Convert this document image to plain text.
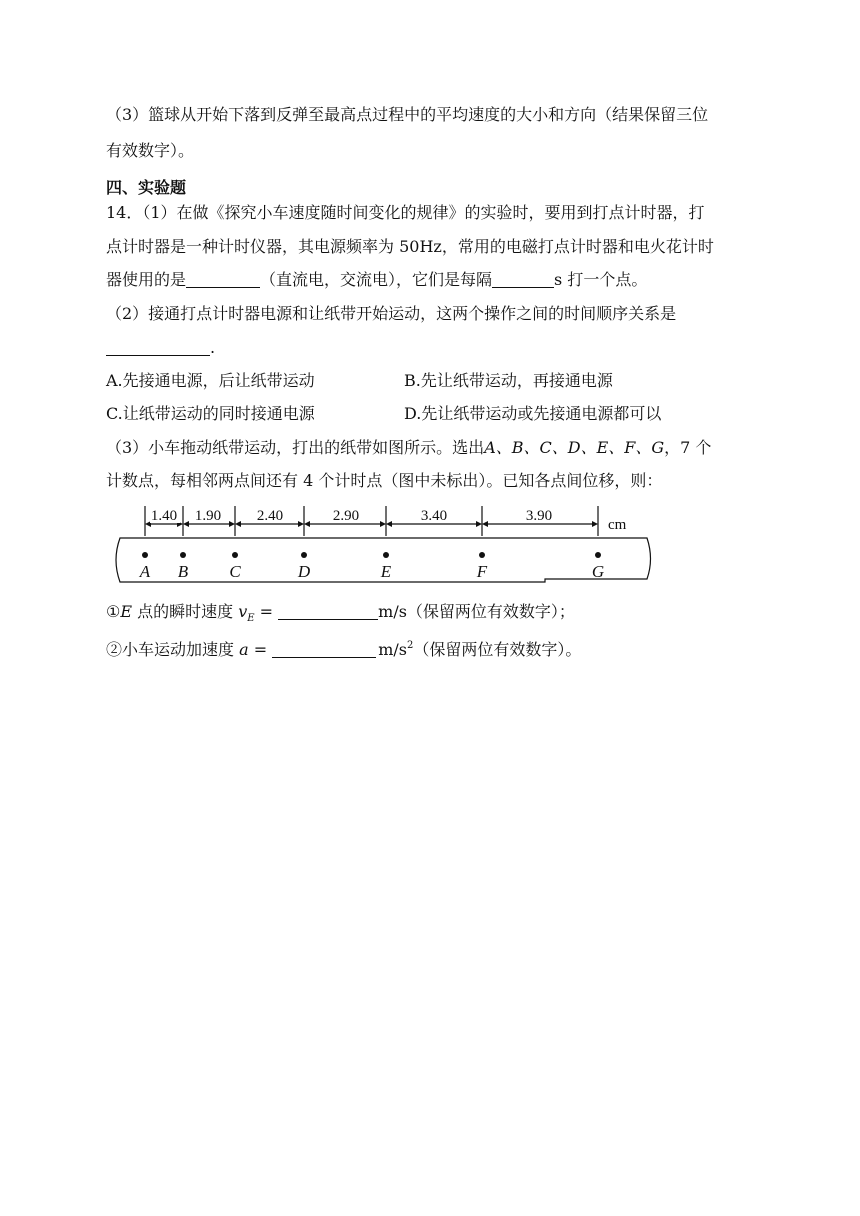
（3）篮球从开始下落到反弹至最高点过程中的平均速度的大小和方向（结果保留三位
有效数字）。
四、实验题
14．（1）在做《探究小车速度随时间变化的规律》的实验时，要用到打点计时器，打
点计时器是一种计时仪器，其电源频率为 50Hz，常用的电磁打点计时器和电火花计时
器使用的是	（直流电，交流电），它们是每隔	s 打一个点。
（2）接通打点计时器电源和让纸带开始运动，这两个操作之间的时间顺序关系是
.
A.先接通电源，后让纸带运动	B.先让纸带运动，再接通电源
C.让纸带运动的同时接通电源	D.先让纸带运动或先接通电源都可以
（3）小车拖动纸带运动，打出的纸带如图所示。选出A、B、C、D、E、F、G，7 个
计数点，每相邻两点间还有 4 个计时点（图中未标出）。已知各点间位移，则：
1.40 1.90 2.40	2.90	3.40	3.90
cm
A B C	D	E	F	G
①E 点的瞬时速度 $v_E$ =	m/s（保留两位有效数字）；
②小车运动加速度 a =	$m/s^2$（保留两位有效数字）。
